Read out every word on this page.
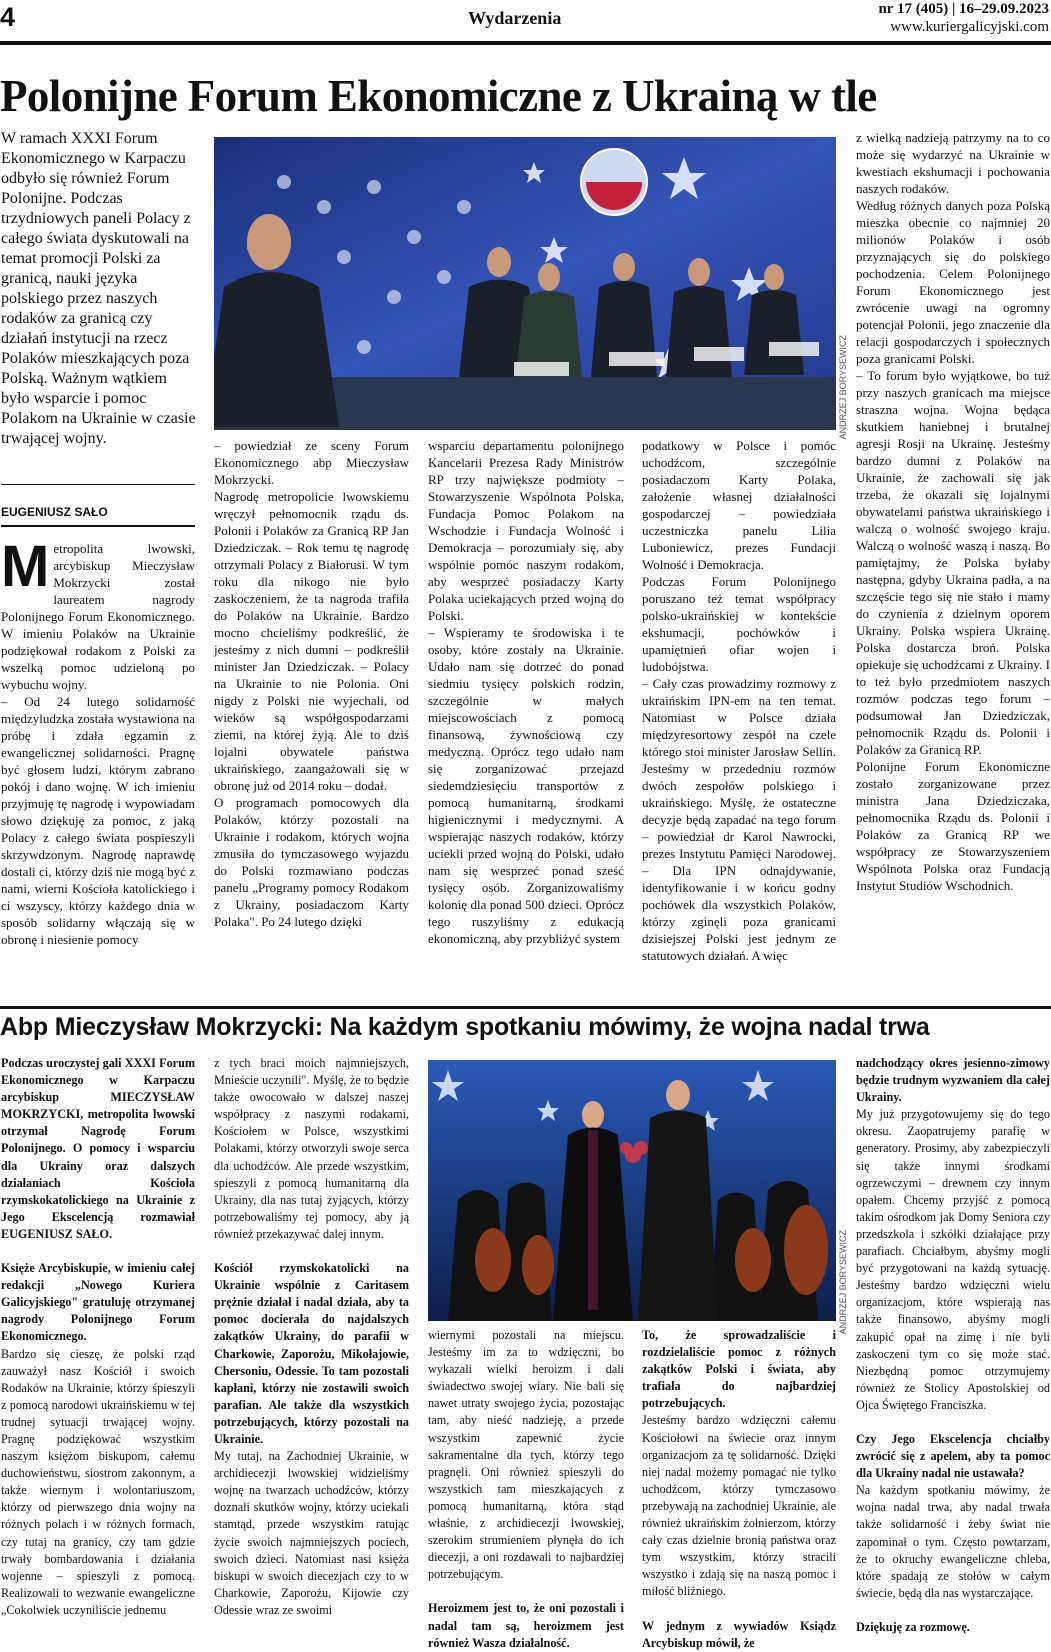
4	Wydarzenia	nr 17 (405) | 16–29.09.2023
www.kuriergalicyjski.com
Polonijne Forum Ekonomiczne z Ukrainą w tle
W ramach XXXI Forum Ekonomicznego w Karpaczu odbyło się również Forum Polonijne. Podczas trzydniowych paneli Polacy z całego świata dyskutowali na temat promocji Polski za granicą, nauki języka polskiego przez naszych rodaków za granicą czy działań instytucji na rzecz Polaków mieszkających poza Polską. Ważnym wątkiem było wsparcie i pomoc Polakom na Ukrainie w czasie trwającej wojny.
EUGENIUSZ SAŁO
Metropolita lwowski, arcybiskup Mieczysław Mokrzycki został laureatem nagrody Polonijnego Forum Ekonomicznego. W imieniu Polaków na Ukrainie podziękował rodakom z Polski za wszelką pomoc udzieloną po wybuchu wojny.
– Od 24 lutego solidarność międzyludzka została wystawiona na próbę i zdała egzamin z ewangelicznej solidarności. Pragnę być głosem ludzi, którym zabrano pokój i dano wojnę. W ich imieniu przyjmuję tę nagrodę i wypowiadam słowo dziękuję za pomoc, z jaką Polacy z całego świata pospieszyli skrzywdzonym. Nagrodę naprawdę dostali ci, którzy dziś nie mogą być z nami, wierni Kościoła katolickiego i ci wszyscy, którzy każdego dnia w sposób solidarny włączają się w obronę i niesienie pomocy
ANDRZEJ BORYSEWICZ
– powiedział ze sceny Forum Ekonomicznego abp Mieczysław Mokrzycki.
Nagrodę metropolicie lwowskiemu wręczył pełnomocnik rządu ds. Polonii i Polaków za Granicą RP Jan Dziedziczak. – Rok temu tę nagrodę otrzymali Polacy z Białorusi. W tym roku dla nikogo nie było zaskoczeniem, że ta nagroda trafiła do Polaków na Ukrainie. Bardzo mocno chcieliśmy podkreślić, że jesteśmy z nich dumni – podkreślił minister Jan Dziedziczak. – Polacy na Ukrainie to nie Polonia. Oni nigdy z Polski nie wyjechali, od wieków są współgospodarzami ziemi, na której żyją. Ale to dziś lojalni obywatele państwa ukraińskiego, zaangażowali się w obronę już od 2014 roku – dodał.
O programach pomocowych dla Polaków, którzy pozostali na Ukrainie i rodakom, których wojna zmusiła do tymczasowego wyjazdu do Polski rozmawiano podczas panelu „Programy pomocy Rodakom z Ukrainy, posiadaczom Karty Polaka". Po 24 lutego dzięki
wsparciu departamentu polonijnego Kancelarii Prezesa Rady Ministrów RP trzy największe podmioty – Stowarzyszenie Wspólnota Polska, Fundacja Pomoc Polakom na Wschodzie i Fundacja Wolność i Demokracja – porozumiały się, aby wspólnie pomóc naszym rodakom, aby wesprzeć posiadaczy Karty Polaka uciekających przed wojną do Polski.
– Wspieramy te środowiska i te osoby, które zostały na Ukrainie. Udało nam się dotrzeć do ponad siedmiu tysięcy polskich rodzin, szczególnie w małych miejscowościach z pomocą finansową, żywnościową czy medyczną. Oprócz tego udało nam się zorganizować przejazd siedemdziesięciu transportów z pomocą humanitarną, środkami higienicznymi i medycznymi. A wspierając naszych rodaków, którzy uciekli przed wojną do Polski, udało nam się wesprzeć ponad sześć tysięcy osób. Zorganizowaliśmy kolonię dla ponad 500 dzieci. Oprócz tego ruszyliśmy z edukacją ekonomiczną, aby przybliżyć system
podatkowy w Polsce i pomóc uchodźcom, szczególnie posiadaczom Karty Polaka, założenie własnej działalności gospodarczej – powiedziała uczestniczka panelu Lilia Luboniewicz, prezes Fundacji Wolność i Demokracja.
Podczas Forum Polonijnego poruszano też temat współpracy polsko-ukraińskiej w kontekście ekshumacji, pochówków i upamiętnień ofiar wojen i ludobójstwa.
– Cały czas prowadzimy rozmowy z ukraińskim IPN-em na ten temat. Natomiast w Polsce działa międzyresortowy zespół na czele którego stoi minister Jarosław Sellin. Jesteśmy w przededniu rozmów dwóch zespołów polskiego i ukraińskiego. Myślę, że ostateczne decyzje będą zapadać na tego forum – powiedział dr Karol Nawrocki, prezes Instytutu Pamięci Narodowej. – Dla IPN odnajdywanie, identyfikowanie i w końcu godny pochówek dla wszystkich Polaków, którzy zginęli poza granicami dzisiejszej Polski jest jednym ze statutowych działań. A więc
z wielką nadzieją patrzymy na to co może się wydarzyć na Ukrainie w kwestiach ekshumacji i pochowania naszych rodaków.
Według różnych danych poza Polską mieszka obecnie co najmniej 20 milionów Polaków i osób przyznających się do polskiego pochodzenia. Celem Polonijnego Forum Ekonomicznego jest zwrócenie uwagi na ogromny potencjał Polonii, jego znaczenie dla relacji gospodarczych i społecznych poza granicami Polski.
– To forum było wyjątkowe, bo tuż przy naszych granicach ma miejsce straszna wojna. Wojna będąca skutkiem haniebnej i brutalnej agresji Rosji na Ukrainę. Jesteśmy bardzo dumni z Polaków na Ukrainie, że zachowali się jak trzeba, że okazali się lojalnymi obywatelami państwa ukraińskiego i walczą o wolność swojego kraju. Walczą o wolność waszą i naszą. Bo pamiętajmy, że Polska byłaby następna, gdyby Ukraina padła, a na szczęście tego się nie stało i mamy do czynienia z dzielnym oporem Ukrainy. Polska wspiera Ukrainę. Polska dostarcza broń. Polska opiekuje się uchodźcami z Ukrainy. I to też było przedmiotem naszych rozmów podczas tego forum – podsumował Jan Dziedziczak, pełnomocnik Rządu ds. Polonii i Polaków za Granicą RP.
Polonijne Forum Ekonomiczne zostało zorganizowane przez ministra Jana Dziedziczaka, pełnomocnika Rządu ds. Polonii i Polaków za Granicą RP we współpracy ze Stowarzyszeniem Wspólnota Polska oraz Fundacją Instytut Studiów Wschodnich.
Abp Mieczysław Mokrzycki: Na każdym spotkaniu mówimy, że wojna nadal trwa
Podczas uroczystej gali XXXI Forum Ekonomicznego w Karpaczu arcybiskup MIECZYSŁAW MOKRZYCKI, metropolita lwowski otrzymał Nagrodę Forum Polonijnego. O pomocy i wsparciu dla Ukrainy oraz dalszych działaniach Kościoła rzymskokatolickiego na Ukrainie z Jego Ekscelencją rozmawiał EUGENIUSZ SAŁO.
Księże Arcybiskupie, w imieniu całej redakcji „Nowego Kuriera Galicyjskiego" gratuluję otrzymanej nagrody Polonijnego Forum Ekonomicznego.
Bardzo się cieszę, że polski rząd zauważył nasz Kościół i swoich Rodaków na Ukrainie, którzy śpieszyli z pomocą narodowi ukraińskiemu w tej trudnej sytuacji trwającej wojny. Pragnę podziękować wszystkim naszym księżom biskupom, całemu duchowieństwu, siostrom zakonnym, a także wiernym i wolontariuszom, którzy od pierwszego dnia wojny na różnych polach i w różnych formach, czy tutaj na granicy, czy tam gdzie trwały bombardowania i działania wojenne – spieszyli z pomocą. Realizowali to wezwanie ewangeliczne „Cokolwiek uczyniliście jednemu
z tych braci moich najmniejszych, Mnieście uczynili". Myślę, że to będzie także owocowało w dalszej naszej współpracy z naszymi rodakami, Kościołem w Polsce, wszystkimi Polakami, którzy otworzyli swoje serca dla uchodźców. Ale przede wszystkim, spieszyli z pomocą humanitarną dla Ukrainy, dla nas tutaj żyjących, którzy potrzebowaliśmy tej pomocy, aby ją również przekazywać dalej innym.
Kościół rzymskokatolicki na Ukrainie wspólnie z Caritasem prężnie działał i nadal działa, aby ta pomoc docierała do najdalszych zakątków Ukrainy, do parafii w Charkowie, Zaporożu, Mikołajowie, Chersoniu, Odessie. To tam pozostali kapłani, którzy nie zostawili swoich parafian. Ale także dla wszystkich potrzebujących, którzy pozostali na Ukrainie.
My tutaj, na Zachodniej Ukrainie, w archidiecezji lwowskiej widzieliśmy wojnę na twarzach uchodźców, którzy doznali skutków wojny, którzy uciekali stamtąd, przede wszystkim ratując życie swoich najmniejszych pociech, swoich dzieci. Natomiast nasi księża biskupi w swoich diecezjach czy to w Charkowie, Zaporożu, Kijowie czy Odessie wraz ze swoimi
ANDRZEJ BORYSEWICZ
wiernymi pozostali na miejscu. Jesteśmy im za to wdzięczni, bo wykazali wielki heroizm i dali świadectwo swojej wiary. Nie bali się nawet utraty swojego życia, pozostając tam, aby nieść nadzieję, a przede wszystkim zapewnić życie sakramentalne dla tych, którzy tego pragnęli. Oni również spieszyli do wszystkich tam mieszkających z pomocą humanitarną, która stąd właśnie, z archidiecezji lwowskiej, szerokim strumieniem płynęła do ich diecezji, a oni rozdawali to najbardziej potrzebującym.
Heroizmem jest to, że oni pozostali i nadal tam są, heroizmem jest również Wasza działalność.
To, że sprowadzaliście i rozdzielaliście pomoc z różnych zakątków Polski i świata, aby trafiała do najbardziej potrzebujących.
Jesteśmy bardzo wdzięczni całemu Kościołowi na świecie oraz innym organizacjom za tę solidarność. Dzięki niej nadal możemy pomagać nie tylko uchodźcom, którzy tymczasowo przebywają na zachodniej Ukrainie, ale również ukraińskim żołnierzom, którzy cały czas dzielnie bronią państwa oraz tym wszystkim, którzy stracili wszystko i zdają się na naszą pomoc i miłość bliźniego.
W jednym z wywiadów Ksiądz Arcybiskup mówił, że
nadchodzący okres jesienno-zimowy będzie trudnym wyzwaniem dla całej Ukrainy.
My już przygotowujemy się do tego okresu. Zaopatrujemy parafię w generatory. Prosimy, aby zabezpieczyli się także innymi środkami ogrzewczymi – drewnem czy innym opałem. Chcemy przyjść z pomocą takim ośrodkom jak Domy Seniora czy przedszkola i szkółki działające przy parafiach. Chciałbym, abyśmy mogli być przygotowani na każdą sytuację. Jesteśmy bardzo wdzięczni wielu organizacjom, które wspierają nas także finansowo, abyśmy mogli zakupić opał na zimę i nie byli zaskoczeni tym co się może stać. Niezbędną pomoc otrzymujemy również ze Stolicy Apostolskiej od Ojca Świętego Franciszka.
Czy Jego Ekscelencja chciałby zwrócić się z apelem, aby ta pomoc dla Ukrainy nadal nie ustawała?
Na każdym spotkaniu mówimy, że wojna nadal trwa, aby nadal trwała także solidarność i żeby świat nie zapominał o tym. Często powtarzam, że to okruchy ewangeliczne chleba, które spadają ze stołów w całym świecie, będą dla nas wystarczające.
Dziękuję za rozmowę.
